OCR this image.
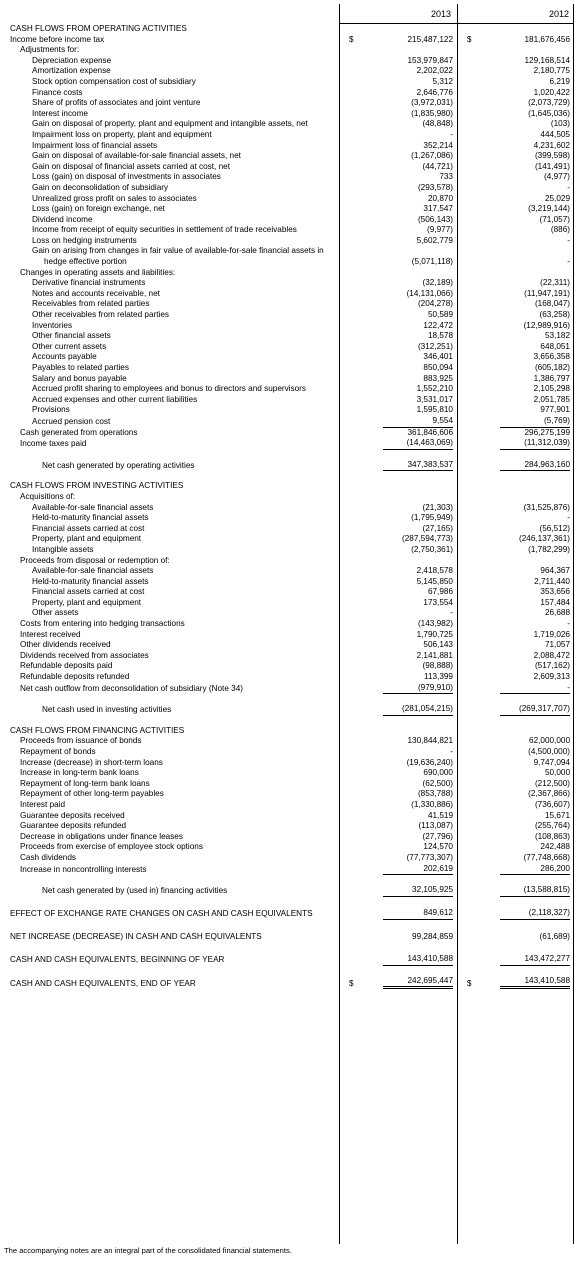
2013	2012
CASH FLOWS FROM OPERATING ACTIVITIES				
Income before income tax	$	215,487,122	$	181,676,456
Adjustments for:				
Depreciation expense		153,979,847		129,168,514
Amortization expense		2,202,022		2,180,775
Stock option compensation cost of subsidiary		5,312		6,219
Finance costs		2,646,776		1,020,422
Share of profits of associates and joint venture		(3,972,031)		(2,073,729)
Interest income		(1,835,980)		(1,645,036)
Gain on disposal of property, plant and equipment and intangible assets, net		(48,848)		(103)
Impairment loss on property, plant and equipment		-		444,505
Impairment loss of financial assets		352,214		4,231,602
Gain on disposal of available-for-sale financial assets, net		(1,267,086)		(399,598)
Gain on disposal of financial assets carried at cost, net		(44,721)		(141,491)
Loss (gain) on disposal of investments in associates		733		(4,977)
Gain on deconsolidation of subsidiary		(293,578)		-
Unrealized gross profit on sales to associates		20,870		25,029
Loss (gain) on foreign exchange, net		317,547		(3,219,144)
Dividend income		(506,143)		(71,057)
Income from receipt of equity securities in settlement of trade receivables		(9,977)		(886)
Loss on hedging instruments		5,602,779		-
Gain on arising from changes in fair value of available-for-sale financial assets in				
hedge effective portion		(5,071,118)		-
Changes in operating assets and liabilities:				
Derivative financial instruments		(32,189)		(22,311)
Notes and accounts receivable, net		(14,131,066)		(11,947,191)
Receivables from related parties		(204,278)		(168,047)
Other receivables from related parties		50,589		(63,258)
Inventories		122,472		(12,989,916)
Other financial assets		18,578		53,182
Other current assets		(312,251)		648,051
Accounts payable		346,401		3,656,358
Payables to related parties		850,094		(605,182)
Salary and bonus payable		883,925		1,386,797
Accrued profit sharing to employees and bonus to directors and supervisors		1,552,210		2,105,298
Accrued expenses and other current liabilities		3,531,017		2,051,785
Provisions		1,595,810		977,901
Accrued pension cost		9,554		(5,769)
Cash generated from operations		361,846,606		296,275,199
Income taxes paid		(14,463,069)		(11,312,039)

Net cash generated by operating activities		347,383,537		284,963,160

CASH FLOWS FROM INVESTING ACTIVITIES				
Acquisitions of:				
Available-for-sale financial assets		(21,303)		(31,525,876)
Held-to-maturity financial assets		(1,795,949)		-
Financial assets carried at cost		(27,165)		(56,512)
Property, plant and equipment		(287,594,773)		(246,137,361)
Intangible assets		(2,750,361)		(1,782,299)
Proceeds from disposal or redemption of:				
Available-for-sale financial assets		2,418,578		964,367
Held-to-maturity financial assets		5,145,850		2,711,440
Financial assets carried at cost		67,986		353,656
Property, plant and equipment		173,554		157,484
Other assets		-		26,688
Costs from entering into hedging transactions		(143,982)		-
Interest received		1,790,725		1,719,026
Other dividends received		506,143		71,057
Dividends received from associates		2,141,881		2,088,472
Refundable deposits paid		(98,888)		(517,162)
Refundable deposits refunded		113,399		2,609,313
Net cash outflow from deconsolidation of subsidiary (Note 34)		(979,910)		-

Net cash used in investing activities		(281,054,215)		(269,317,707)

CASH FLOWS FROM FINANCING ACTIVITIES				
Proceeds from issuance of bonds		130,844,821		62,000,000
Repayment of bonds		-		(4,500,000)
Increase (decrease) in short-term loans		(19,636,240)		9,747,094
Increase in long-term bank loans		690,000		50,000
Repayment of long-term bank loans		(62,500)		(212,500)
Repayment of other long-term payables		(853,788)		(2,367,866)
Interest paid		(1,330,886)		(736,607)
Guarantee deposits received		41,519		15,671
Guarantee deposits refunded		(113,087)		(255,764)
Decrease in obligations under finance leases		(27,796)		(108,863)
Proceeds from exercise of employee stock options		124,570		242,488
Cash dividends		(77,773,307)		(77,748,668)
Increase in noncontrolling interests		202,619		286,200

Net cash generated by (used in) financing activities		32,105,925		(13,588,815)

EFFECT OF EXCHANGE RATE CHANGES ON CASH AND CASH EQUIVALENTS		849,612		(2,118,327)

NET INCREASE (DECREASE) IN CASH AND CASH EQUIVALENTS		99,284,859		(61,689)

CASH AND CASH EQUIVALENTS, BEGINNING OF YEAR		143,410,588		143,472,277

CASH AND CASH EQUIVALENTS, END OF YEAR	$	242,695,447	$	143,410,588
The accompanying notes are an integral part of the consolidated financial statements.
